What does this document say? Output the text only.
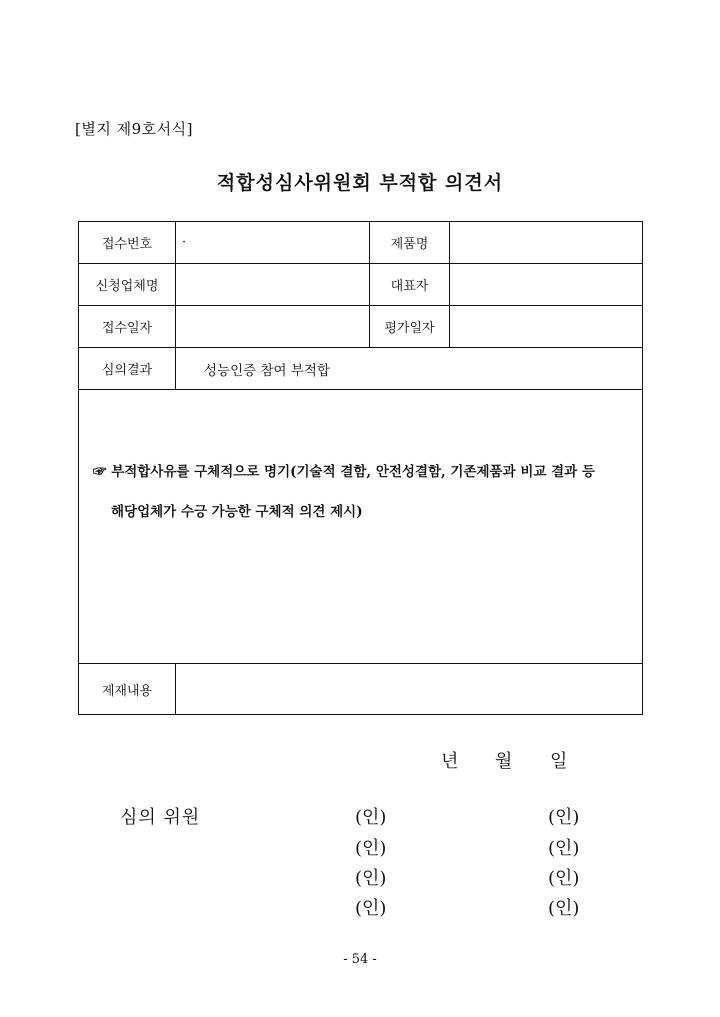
[별지 제9호서식]
적합성심사위원회 부적합 의견서
접수번호	·	제품명	
신청업체명		대표자	
접수일자		평가일자	
심의결과	성능인증 참여 부적합		

☞ 부적합사유를 구체적으로 명기(기술적 결함, 안전성결함, 기존제품과 비교 결과 등
해당업체가 수긍 가능한 구체적 의견 제시)			

제재내용			
년 월 일
심의 위원	(인)	(인)
(인)	(인)
(인)	(인)
(인)	(인)
- 54 -
